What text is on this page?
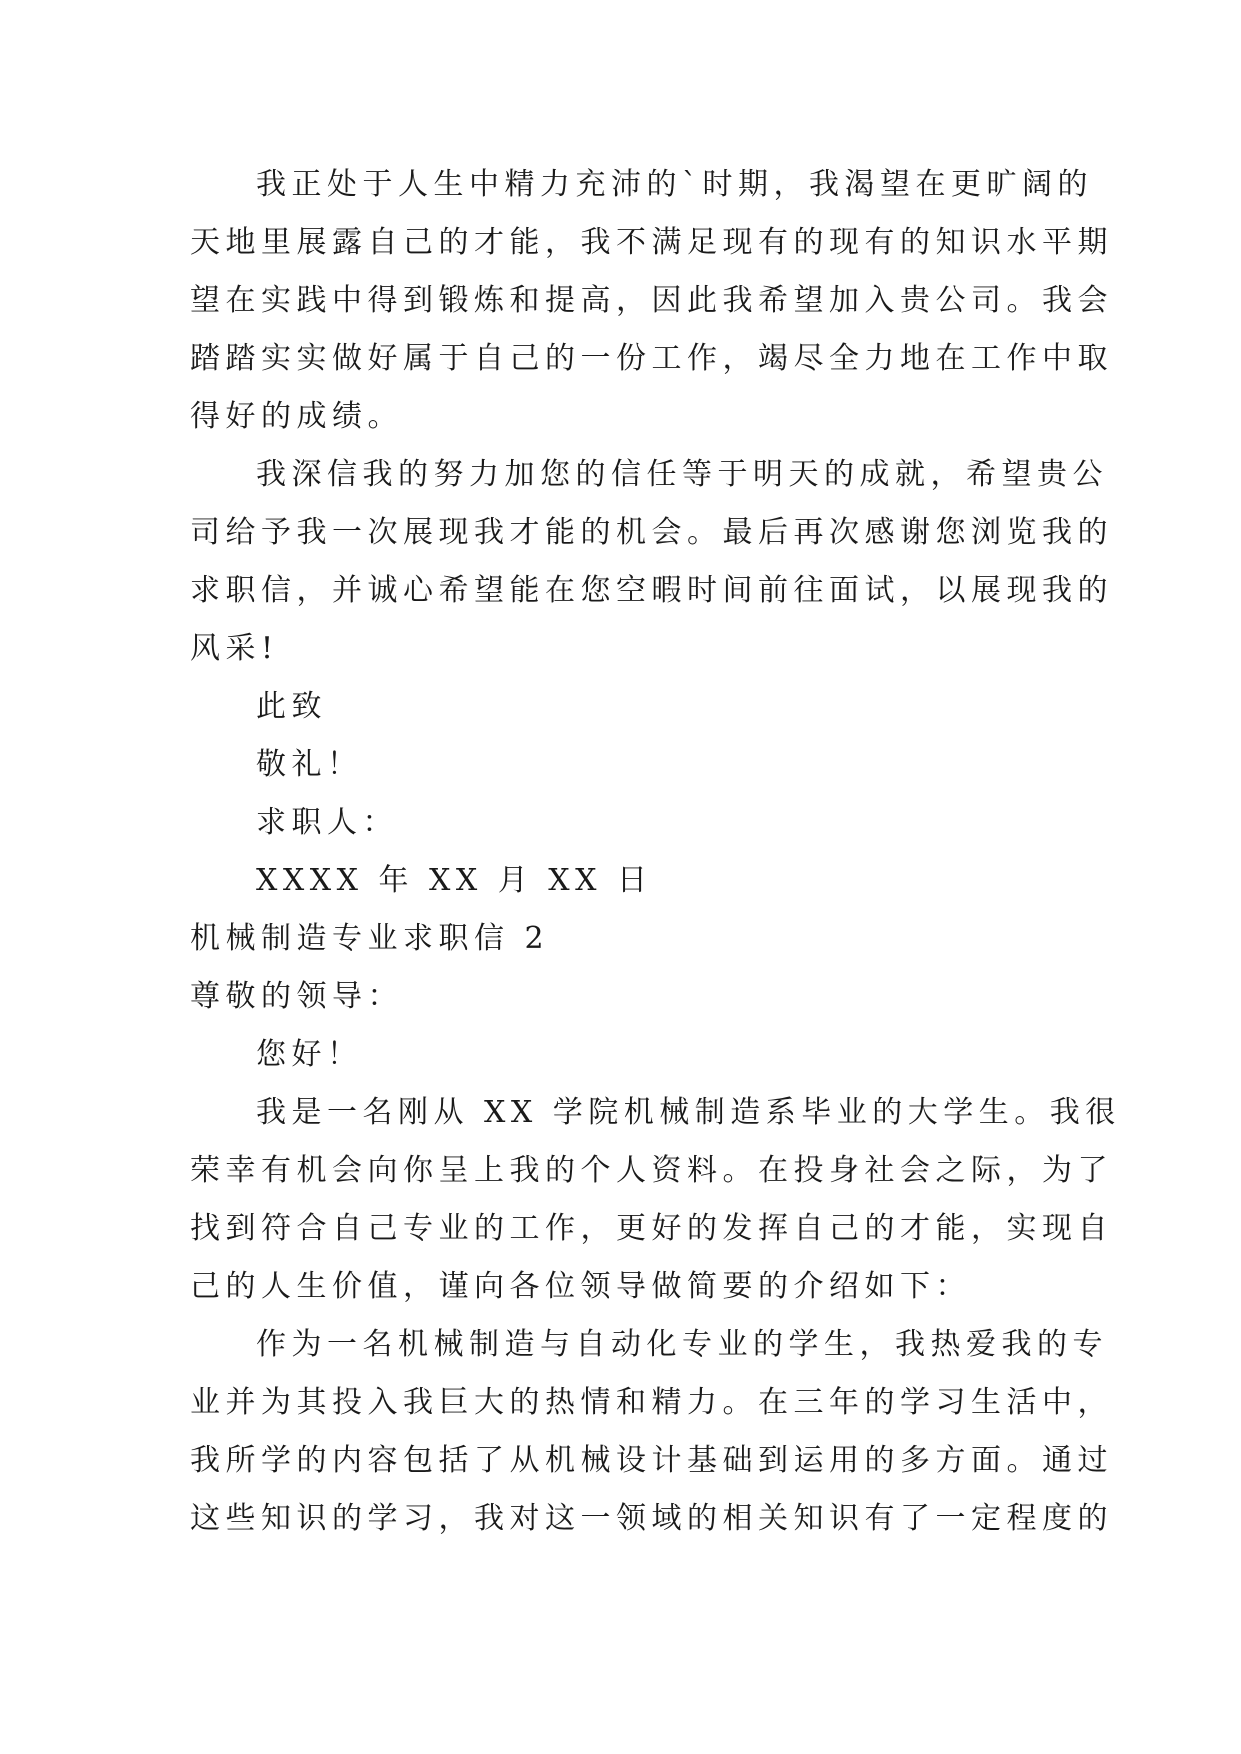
我正处于人生中精力充沛的`时期，我渴望在更旷阔的
天地里展露自己的才能，我不满足现有的现有的知识水平期
望在实践中得到锻炼和提高，因此我希望加入贵公司。我会
踏踏实实做好属于自己的一份工作，竭尽全力地在工作中取
得好的成绩。
我深信我的努力加您的信任等于明天的成就，希望贵公
司给予我一次展现我才能的机会。最后再次感谢您浏览我的
求职信，并诚心希望能在您空暇时间前往面试，以展现我的
风采!
此致
敬礼！
求职人：
XXXX 年 XX 月 XX 日
机械制造专业求职信 2
尊敬的领导：
您好！
我是一名刚从 XX 学院机械制造系毕业的大学生。我很
荣幸有机会向你呈上我的个人资料。在投身社会之际，为了
找到符合自己专业的工作，更好的发挥自己的才能，实现自
己的人生价值，谨向各位领导做简要的介绍如下：
作为一名机械制造与自动化专业的学生，我热爱我的专
业并为其投入我巨大的热情和精力。在三年的学习生活中，
我所学的内容包括了从机械设计基础到运用的多方面。通过
这些知识的学习，我对这一领域的相关知识有了一定程度的
